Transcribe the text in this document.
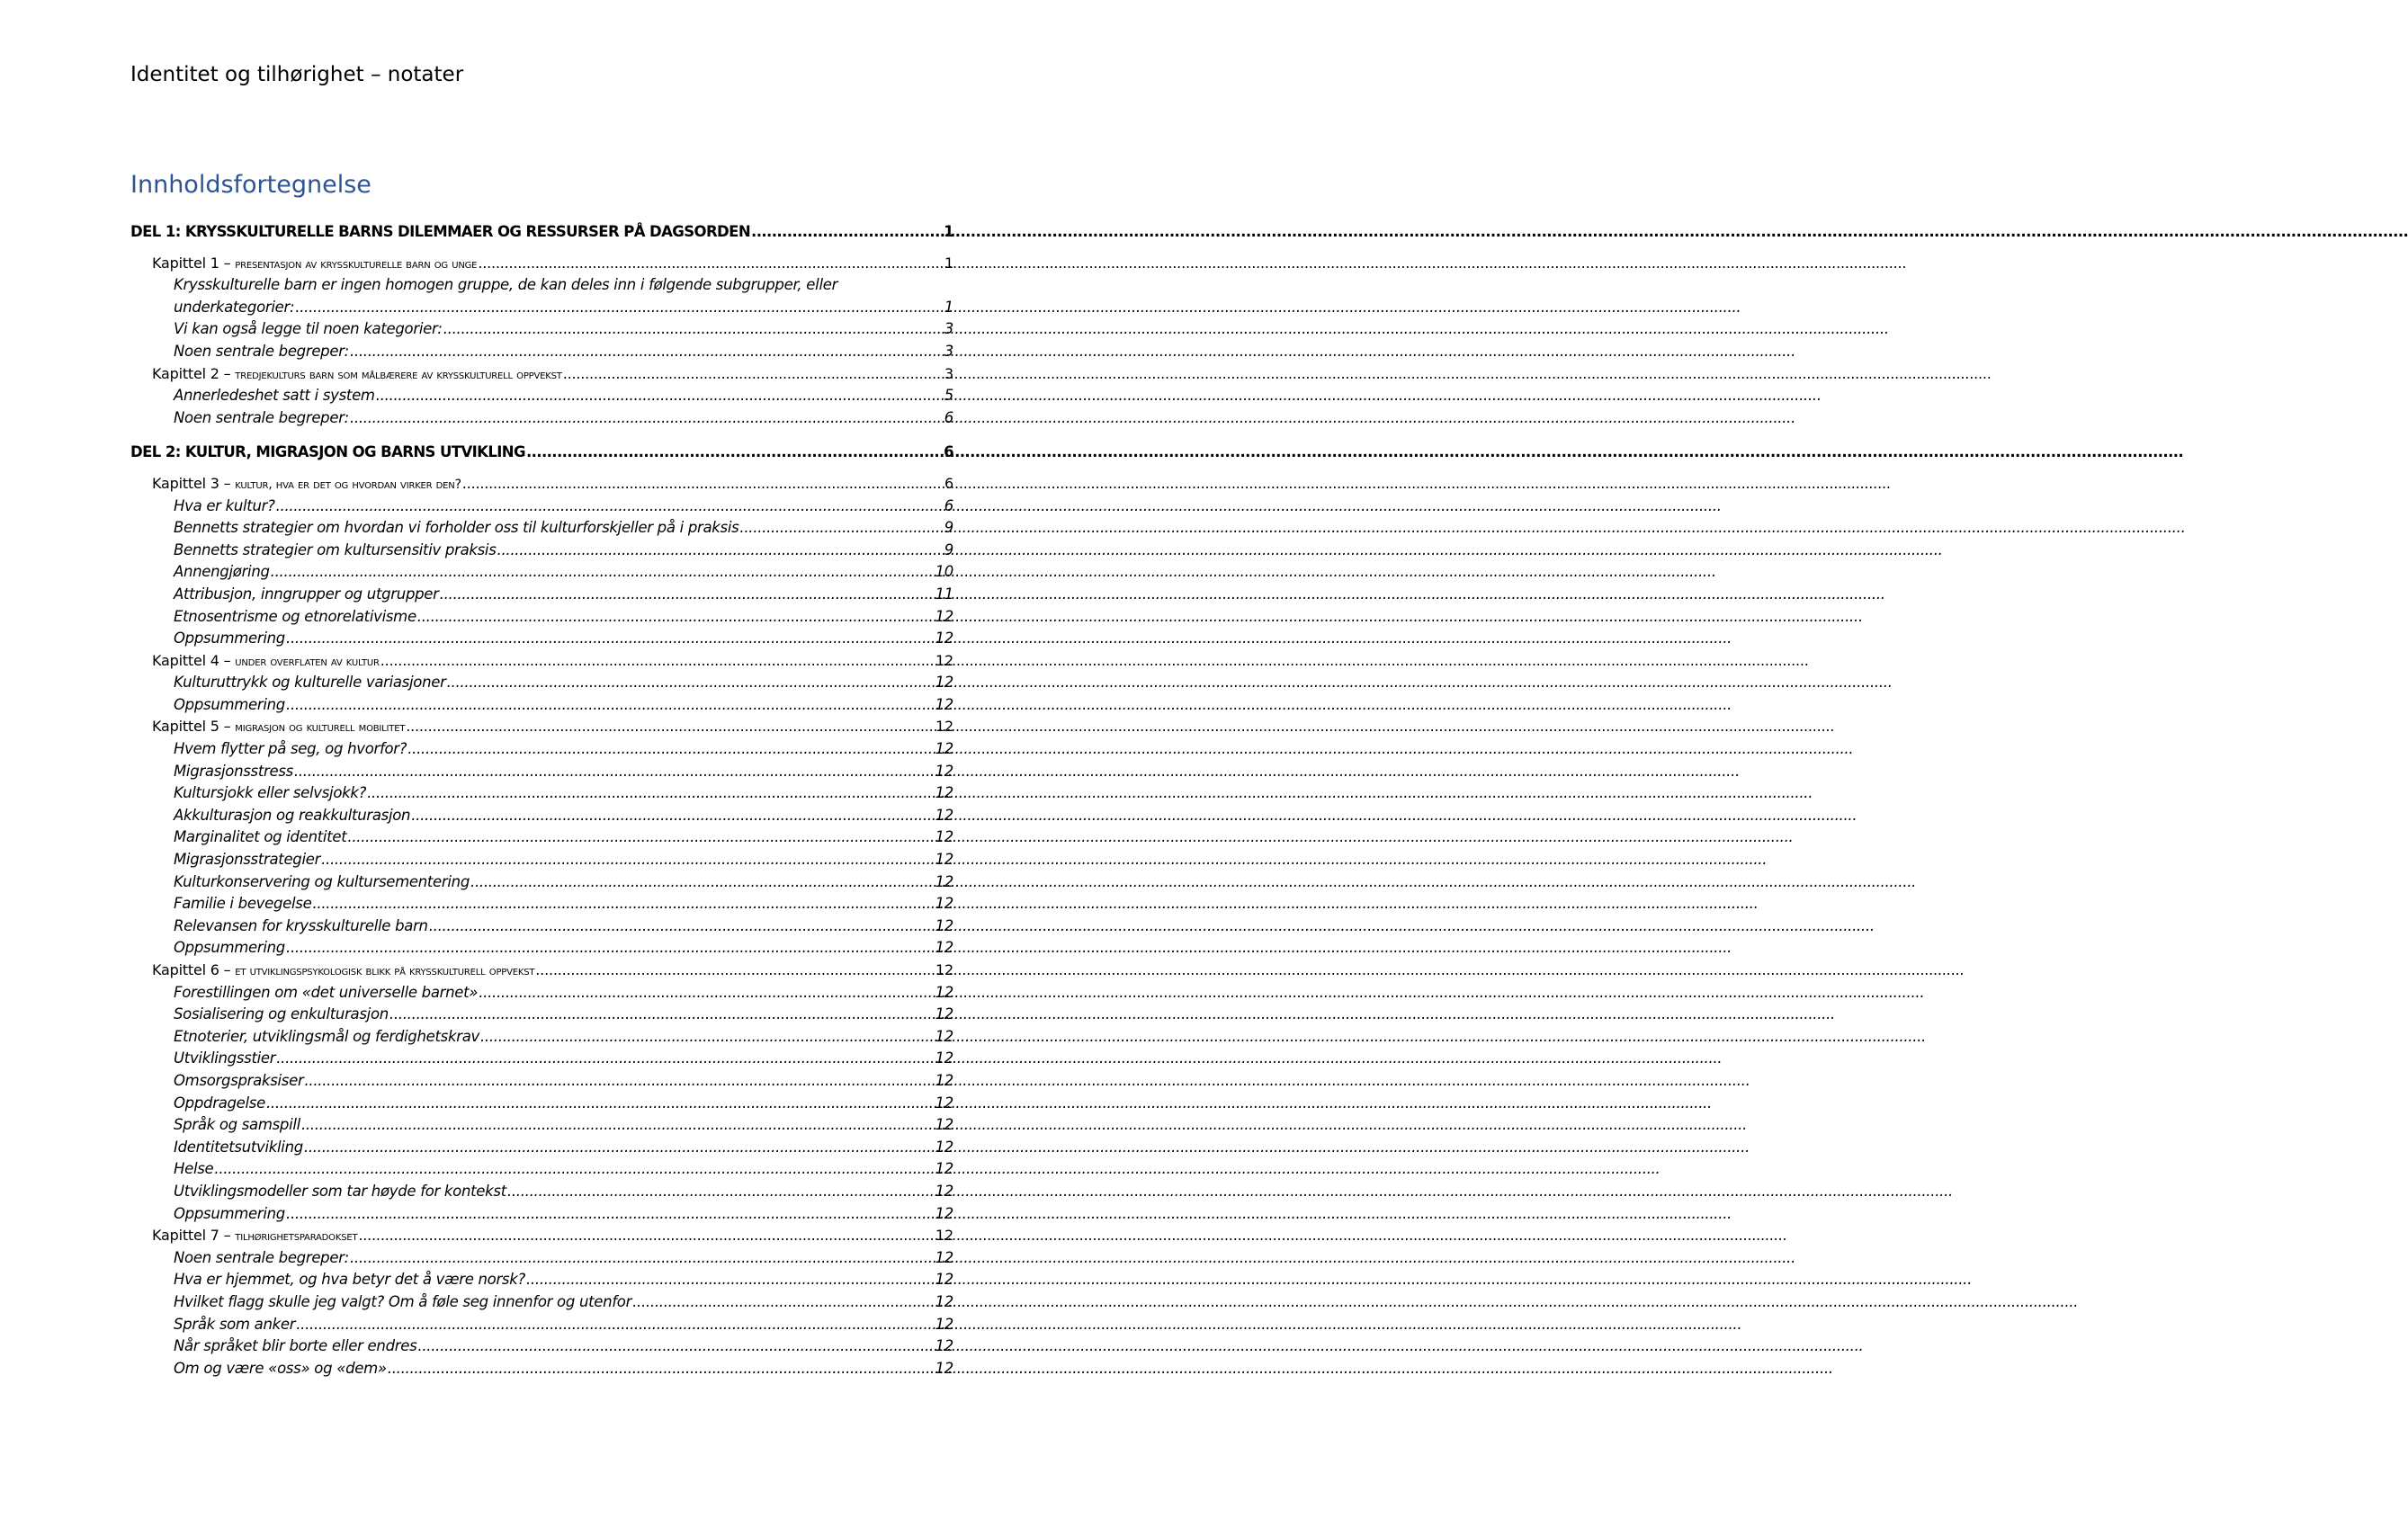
Identitet og tilhørighet – notater
Innholdsfortegnelse
DEL 1: KRYSSKULTURELLE BARNS DILEMMAER OG RESSURSER PÅ DAGSORDEN .....	1
Kapittel 1 – presentasjon av krysskulturelle barn og unge .....	1
Krysskulturelle barn er ingen homogen gruppe, de kan deles inn i følgende subgrupper, eller
underkategorier: .....	1
Vi kan også legge til noen kategorier: .....	3
Noen sentrale begreper: .....	3
Kapittel 2 – tredjekulturs barn som målbærere av krysskulturell oppvekst .....	3
Annerledeshet satt i system .....	5
Noen sentrale begreper: .....	6
DEL 2: KULTUR, MIGRASJON OG BARNS UTVIKLING .....	6
Kapittel 3 – kultur, hva er det og hvordan virker den? .....	6
Hva er kultur? .....	6
Bennetts strategier om hvordan vi forholder oss til kulturforskjeller på i praksis .....	9
Bennetts strategier om kultursensitiv praksis .....	9
Annengjøring .....	10
Attribusjon, inngrupper og utgrupper .....	11
Etnosentrisme og etnorelativisme .....	12
Oppsummering .....	12
Kapittel 4 – under overflaten av kultur .....	12
Kulturuttrykk og kulturelle variasjoner .....	12
Oppsummering .....	12
Kapittel 5 – migrasjon og kulturell mobilitet .....	12
Hvem flytter på seg, og hvorfor? .....	12
Migrasjonsstress .....	12
Kultursjokk eller selvsjokk? .....	12
Akkulturasjon og reakkulturasjon .....	12
Marginalitet og identitet .....	12
Migrasjonsstrategier .....	12
Kulturkonservering og kultursementering .....	12
Familie i bevegelse .....	12
Relevansen for krysskulturelle barn .....	12
Oppsummering .....	12
Kapittel 6 – et utviklingspsykologisk blikk på krysskulturell oppvekst .....	12
Forestillingen om «det universelle barnet» .....	12
Sosialisering og enkulturasjon .....	12
Etnoterier, utviklingsmål og ferdighetskrav .....	12
Utviklingsstier .....	12
Omsorgspraksiser .....	12
Oppdragelse .....	12
Språk og samspill .....	12
Identitetsutvikling .....	12
Helse .....	12
Utviklingsmodeller som tar høyde for kontekst .....	12
Oppsummering .....	12
Kapittel 7 – tilhørighetsparadokset .....	12
Noen sentrale begreper: .....	12
Hva er hjemmet, og hva betyr det å være norsk? .....	12
Hvilket flagg skulle jeg valgt? Om å føle seg innenfor og utenfor .....	12
Språk som anker .....	12
Når språket blir borte eller endres .....	12
Om og være «oss» og «dem» .....	12
